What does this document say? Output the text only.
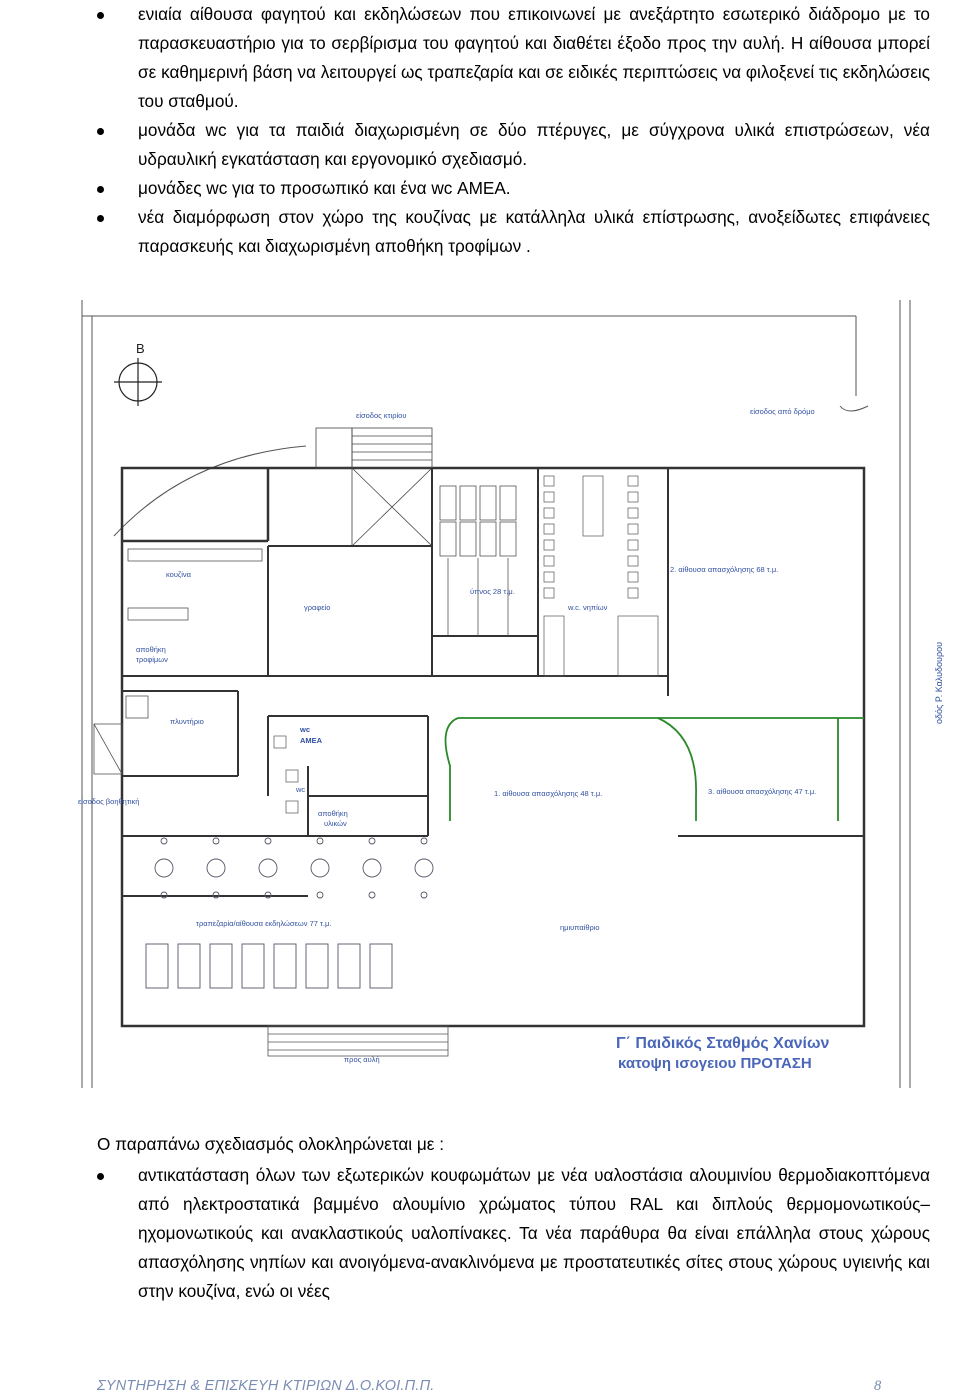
ενιαία αίθουσα φαγητού και εκδηλώσεων που επικοινωνεί με ανεξάρτητο εσωτερικό διάδρομο με το παρασκευαστήριο για το σερβίρισμα του φαγητού και διαθέτει έξοδο προς την αυλή. Η αίθουσα μπορεί σε καθημερινή βάση να λειτουργεί ως τραπεζαρία και σε ειδικές περιπτώσεις να φιλοξενεί τις εκδηλώσεις του σταθμού.

μονάδα wc για τα παιδιά διαχωρισμένη σε δύο πτέρυγες, με σύγχρονα υλικά επιστρώσεων, νέα υδραυλική εγκατάσταση και εργονομικό σχεδιασμό.

μονάδες wc για το προσωπικό και ένα wc ΑΜΕΑ.

νέα διαμόρφωση στον χώρο της κουζίνας με κατάλληλα υλικά επίστρωσης, ανοξείδωτες επιφάνειες παρασκευής και διαχωρισμένη αποθήκη τροφίμων .

Β
είσοδος κτιρίου	είσοδος από δρόμο
είσοδος βοηθητική
κουζίνα
αποθήκη
τροφίμων
γραφείο
πλυντήριο
wc
ΑΜΕΑ
wc
αποθήκη
υλικών
ύπνος 28 τ.μ.
w.c. νηπίων
1. αίθουσα απασχόλησης 48 τ.μ.
2. αίθουσα απασχόλησης 68 τ.μ.
3. αίθουσα απασχόλησης 47 τ.μ.
τραπεζαρία/αίθουσα εκδηλώσεων 77 τ.μ.	ημιυπαίθριο
προς αυλή
Γ΄ Παιδικός Σταθμός Χανίων
κατοψη ισογειου ΠΡΟΤΑΣΗ
οδός Ρ. Καλυδουρου

Ο παραπάνω σχεδιασμός ολοκληρώνεται με :

αντικατάσταση όλων των εξωτερικών κουφωμάτων με νέα υαλοστάσια αλουμινίου θερμοδιακοπτόμενα από ηλεκτροστατικά βαμμένο αλουμίνιο χρώματος τύπου RAL και διπλούς θερμομονωτικούς–ηχομονωτικούς και ανακλαστικούς υαλοπίνακες. Τα νέα παράθυρα θα είναι επάλληλα στους χώρους απασχόλησης νηπίων και ανοιγόμενα-ανακλινόμενα με προστατευτικές σίτες στους χώρους υγιεινής και στην κουζίνα, ενώ οι νέες

ΣΥΝΤΗΡΗΣΗ & ΕΠΙΣΚΕΥΗ ΚΤΙΡΙΩΝ Δ.Ο.ΚΟΙ.Π.Π.	8
